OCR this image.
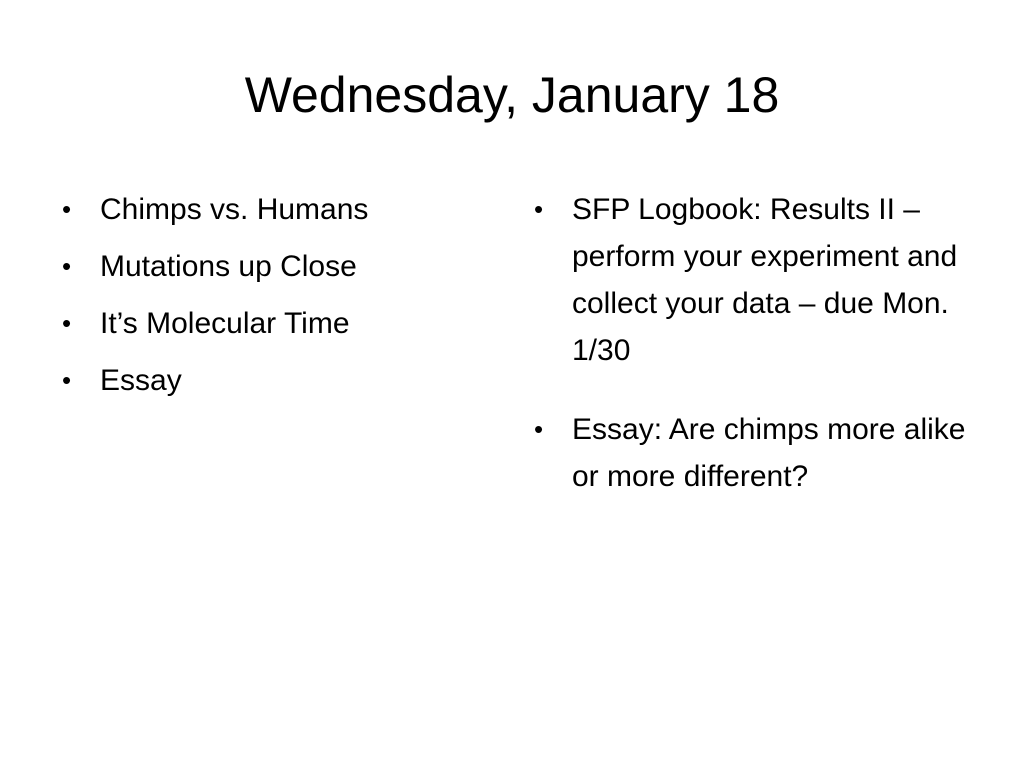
Wednesday, January 18
• Chimps vs. Humans
• Mutations up Close
• It’s Molecular Time
• Essay
• SFP Logbook: Results II – perform your experiment and collect your data – due Mon. 1/30
• Essay: Are chimps more alike or more different?
